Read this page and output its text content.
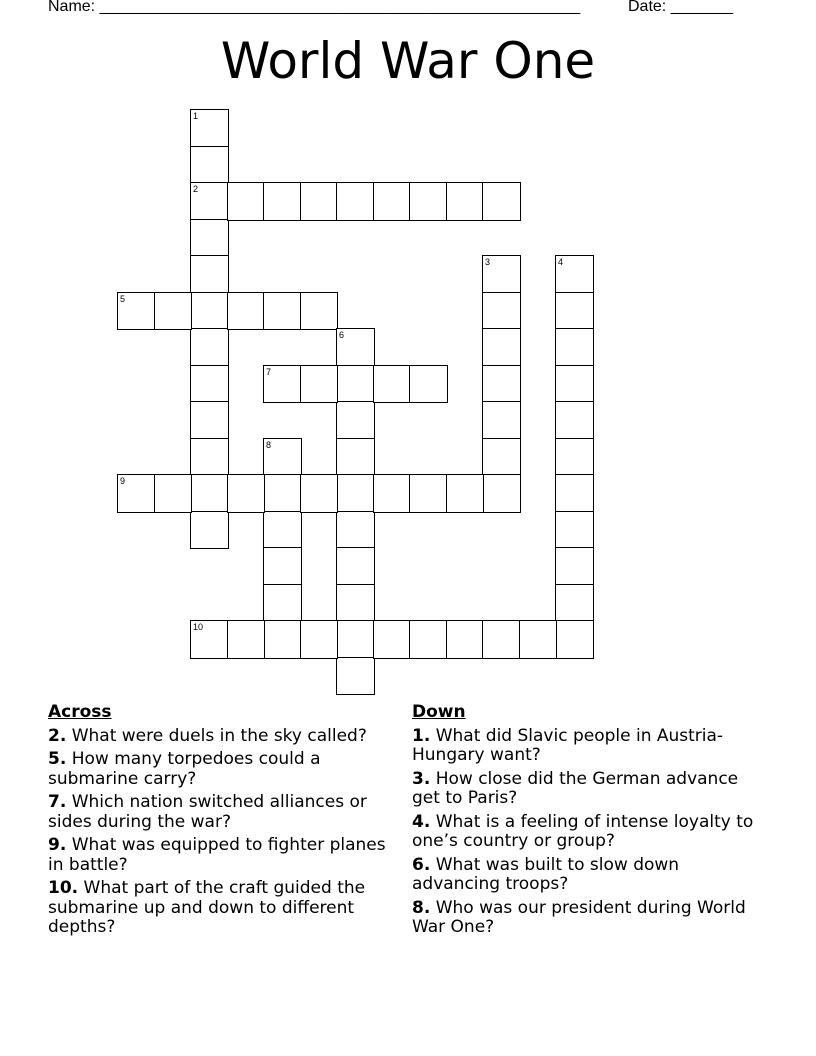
Name: ______________________________________________________	Date: _______
World War One
1
2
3	4
5
6
7
8
9
10
Across
2. What were duels in the sky called?
5. How many torpedoes could a submarine carry?
7. Which nation switched alliances or sides during the war?
9. What was equipped to fighter planes in battle?
10. What part of the craft guided the submarine up and down to different depths?
Down
1. What did Slavic people in Austria-Hungary want?
3. How close did the German advance get to Paris?
4. What is a feeling of intense loyalty to one’s country or group?
6. What was built to slow down advancing troops?
8. Who was our president during World War One?
